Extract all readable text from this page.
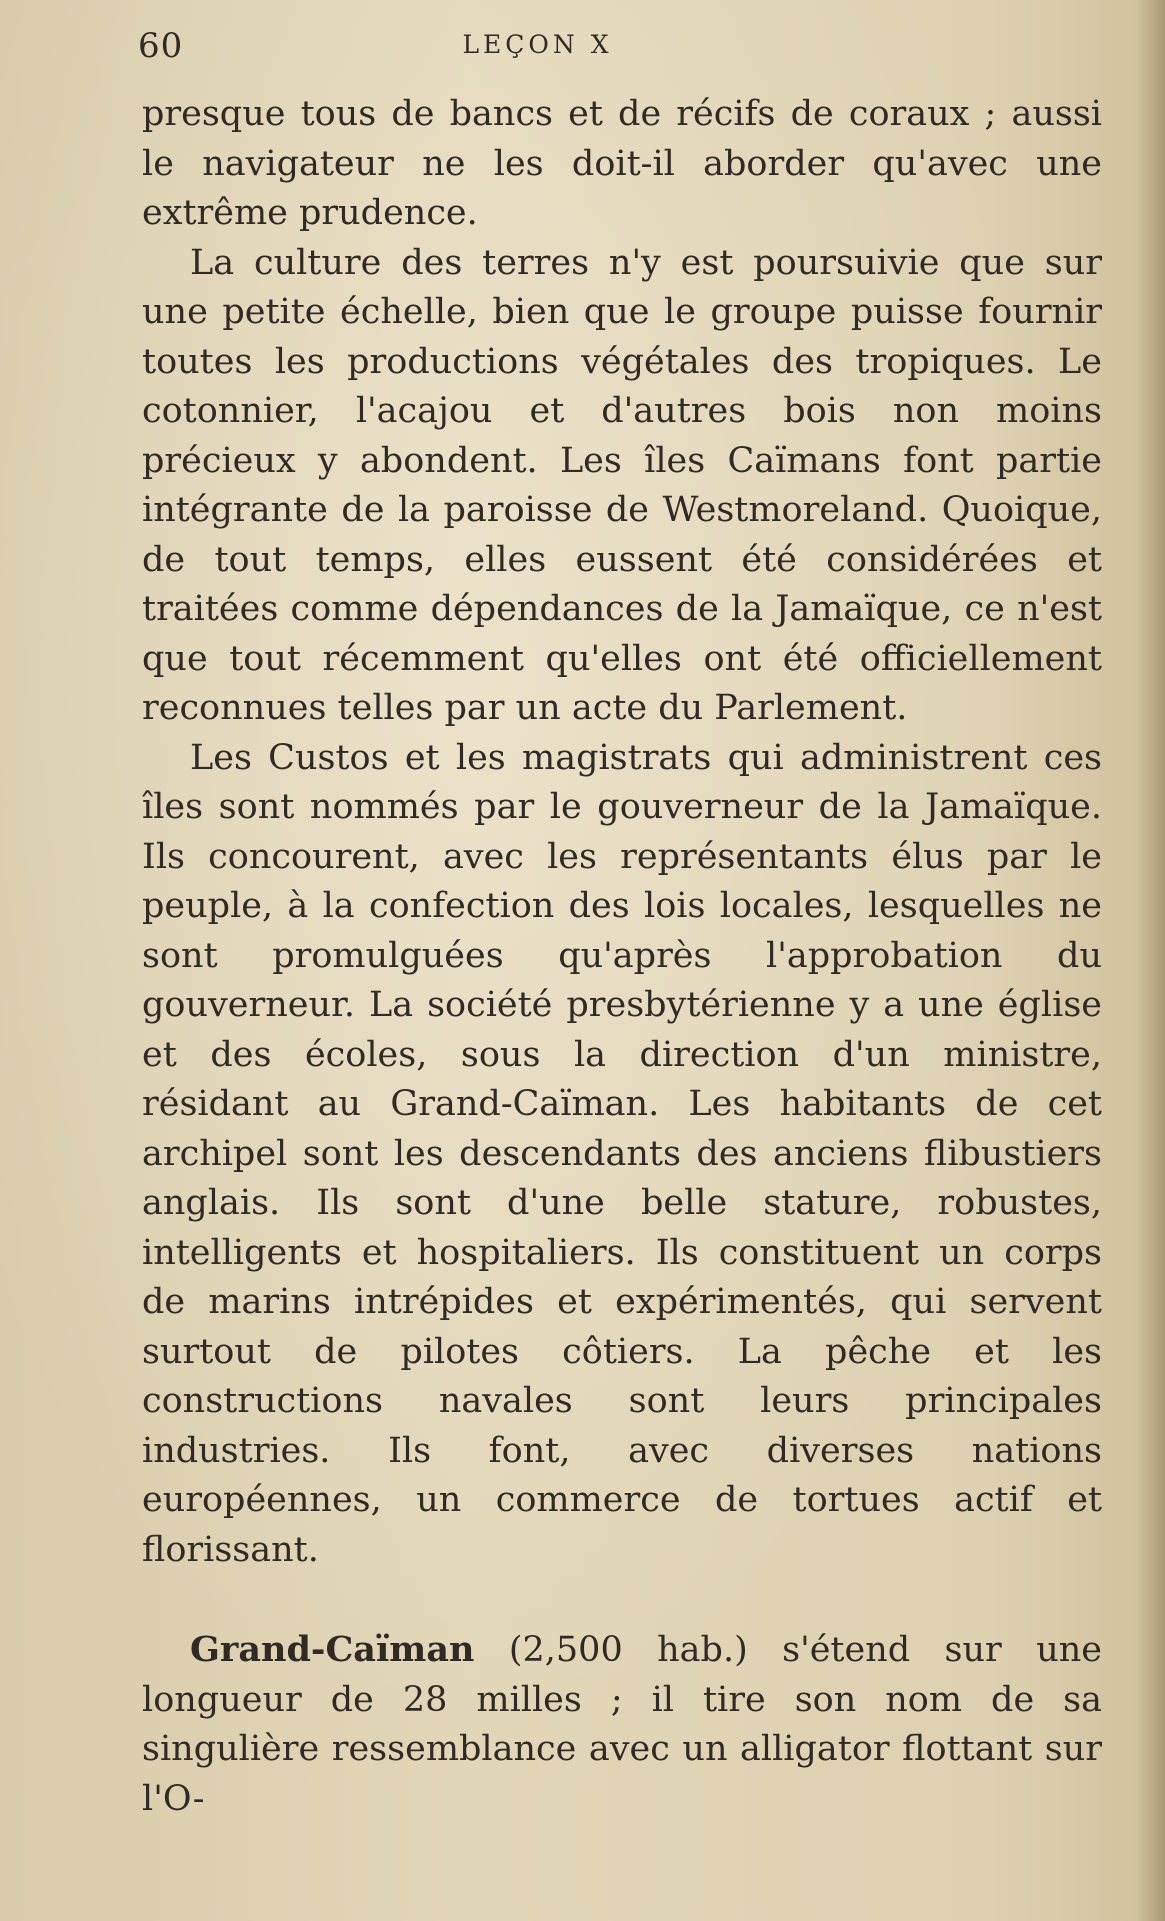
60	LEÇON X

presque tous de bancs et de récifs de coraux ; aussi le navigateur ne les doit-il aborder qu'avec une extrême prudence.

La culture des terres n'y est poursuivie que sur une petite échelle, bien que le groupe puisse fournir toutes les productions végétales des tropiques. Le cotonnier, l'acajou et d'autres bois non moins précieux y abondent. Les îles Caïmans font partie intégrante de la paroisse de Westmoreland. Quoique, de tout temps, elles eussent été considérées et traitées comme dépendances de la Jamaïque, ce n'est que tout récemment qu'elles ont été officiellement reconnues telles par un acte du Parlement.

Les Custos et les magistrats qui administrent ces îles sont nommés par le gouverneur de la Jamaïque. Ils concourent, avec les représentants élus par le peuple, à la confection des lois locales, lesquelles ne sont promulguées qu'après l'approbation du gouverneur. La société presbytérienne y a une église et des écoles, sous la direction d'un ministre, résidant au Grand-Caïman. Les habitants de cet archipel sont les descendants des anciens flibustiers anglais. Ils sont d'une belle stature, robustes, intelligents et hospitaliers. Ils constituent un corps de marins intrépides et expérimentés, qui servent surtout de pilotes côtiers. La pêche et les constructions navales sont leurs principales industries. Ils font, avec diverses nations européennes, un commerce de tortues actif et florissant.

Grand-Caïman (2,500 hab.) s'étend sur une longueur de 28 milles ; il tire son nom de sa singulière ressemblance avec un alligator flottant sur l'O-
